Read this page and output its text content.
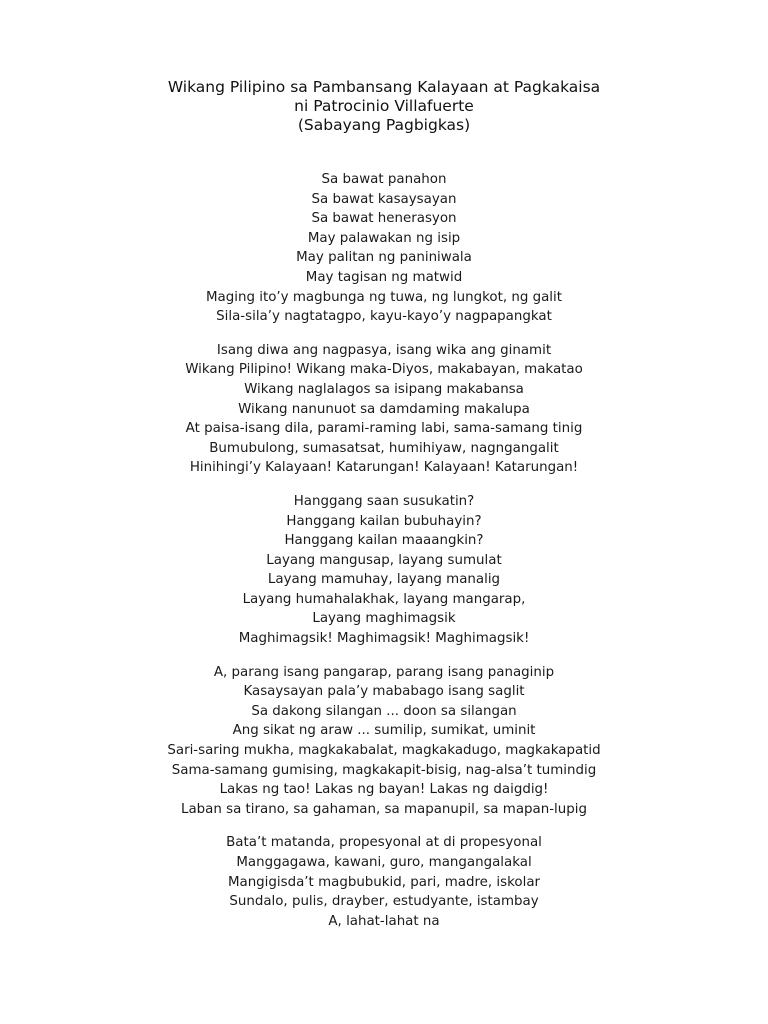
Wikang Pilipino sa Pambansang Kalayaan at Pagkakaisa
ni Patrocinio Villafuerte
(Sabayang Pagbigkas)
Sa bawat panahon
Sa bawat kasaysayan
Sa bawat henerasyon
May palawakan ng isip
May palitan ng paniniwala
May tagisan ng matwid
Maging ito’y magbunga ng tuwa, ng lungkot, ng galit
Sila-sila’y nagtatagpo, kayu-kayo’y nagpapangkat
Isang diwa ang nagpasya, isang wika ang ginamit
Wikang Pilipino! Wikang maka-Diyos, makabayan, makatao
Wikang naglalagos sa isipang makabansa
Wikang nanunuot sa damdaming makalupa
At paisa-isang dila, parami-raming labi, sama-samang tinig
Bumubulong, sumasatsat, humihiyaw, nagngangalit
Hinihingi’y Kalayaan! Katarungan! Kalayaan! Katarungan!
Hanggang saan susukatin?
Hanggang kailan bubuhayin?
Hanggang kailan maaangkin?
Layang mangusap, layang sumulat
Layang mamuhay, layang manalig
Layang humahalakhak, layang mangarap,
Layang maghimagsik
Maghimagsik! Maghimagsik! Maghimagsik!
A, parang isang pangarap, parang isang panaginip
Kasaysayan pala’y mababago isang saglit
Sa dakong silangan ... doon sa silangan
Ang sikat ng araw ... sumilip, sumikat, uminit
Sari-saring mukha, magkakabalat, magkakadugo, magkakapatid
Sama-samang gumising, magkakapit-bisig, nag-alsa’t tumindig
Lakas ng tao! Lakas ng bayan! Lakas ng daigdig!
Laban sa tirano, sa gahaman, sa mapanupil, sa mapan-lupig
Bata’t matanda, propesyonal at di propesyonal
Manggagawa, kawani, guro, mangangalakal
Mangigisda’t magbubukid, pari, madre, iskolar
Sundalo, pulis, drayber, estudyante, istambay
A, lahat-lahat na
